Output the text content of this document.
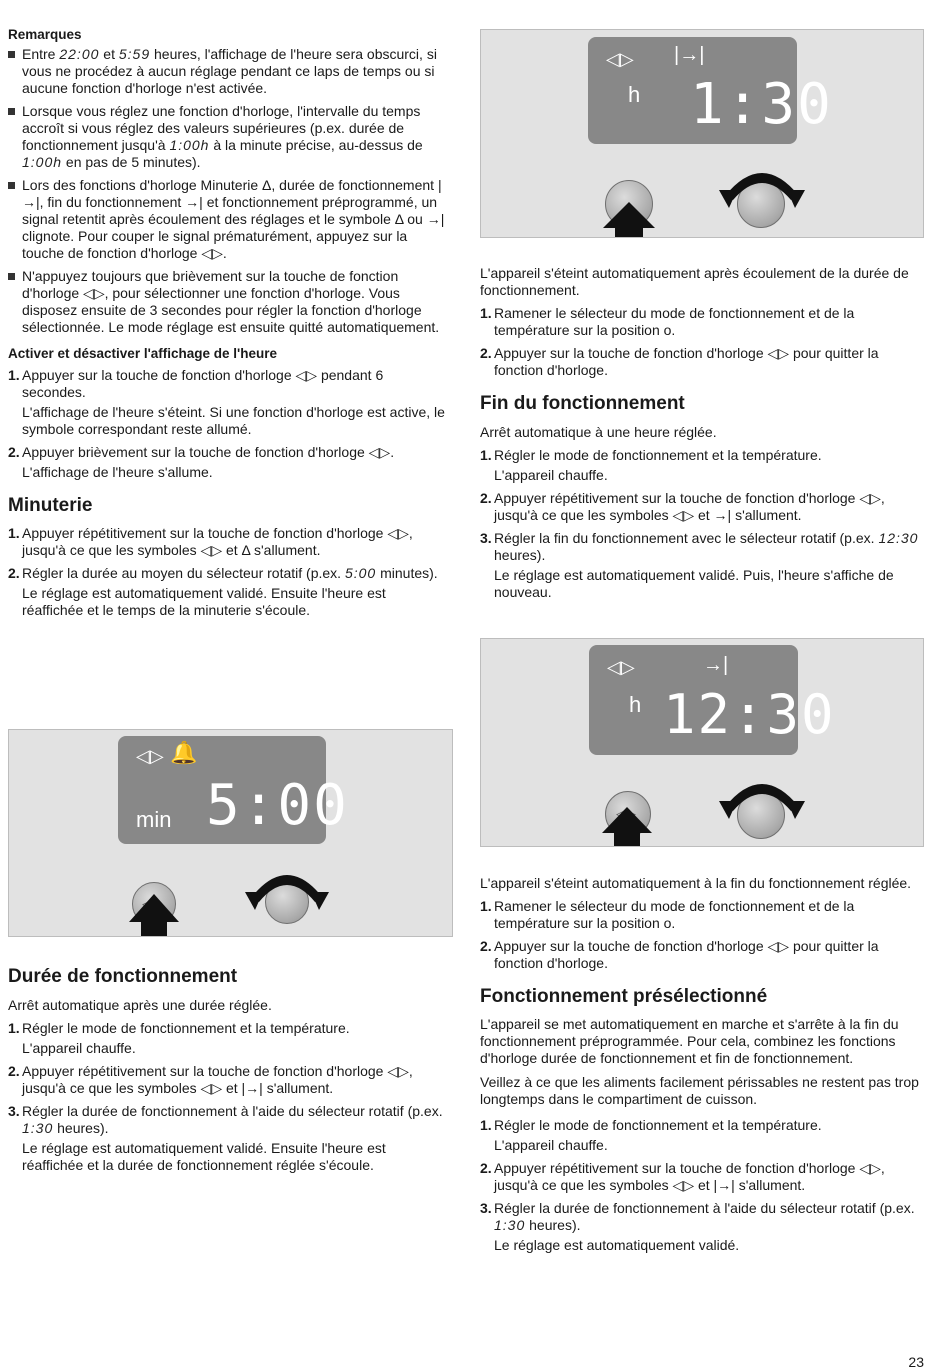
Remarques
Entre 22:00 et 5:59 heures, l'affichage de l'heure sera obscurci, si vous ne procédez à aucun réglage pendant ce laps de temps ou si aucune fonction d'horloge n'est activée.
Lorsque vous réglez une fonction d'horloge, l'intervalle du temps accroît si vous réglez des valeurs supérieures (p.ex. durée de fonctionnement jusqu'à 1:00h à la minute précise, au-dessus de 1:00h en pas de 5 minutes).
Lors des fonctions d'horloge Minuterie Δ, durée de fonctionnement |→|, fin du fonctionnement →| et fonctionnement préprogrammé, un signal retentit après écoulement des réglages et le symbole Δ ou →| clignote. Pour couper le signal prématurément, appuyez sur la touche de fonction d'horloge ◁▷.
N'appuyez toujours que brièvement sur la touche de fonction d'horloge ◁▷, pour sélectionner une fonction d'horloge. Vous disposez ensuite de 3 secondes pour régler la fonction d'horloge sélectionnée. Le mode réglage est ensuite quitté automatiquement.
Activer et désactiver l'affichage de l'heure
1. Appuyer sur la touche de fonction d'horloge ◁▷ pendant 6 secondes.
L'affichage de l'heure s'éteint. Si une fonction d'horloge est active, le symbole correspondant reste allumé.
2. Appuyer brièvement sur la touche de fonction d'horloge ◁▷.
L'affichage de l'heure s'allume.
Minuterie
1. Appuyer répétitivement sur la touche de fonction d'horloge ◁▷, jusqu'à ce que les symboles ◁▷ et Δ s'allument.
2. Régler la durée au moyen du sélecteur rotatif (p.ex. 5:00 minutes).
Le réglage est automatiquement validé. Ensuite l'heure est réaffichée et le temps de la minuterie s'écoule.
◁▷ 🔔
min 5:00
◁▷
Durée de fonctionnement
Arrêt automatique après une durée réglée.
1. Régler le mode de fonctionnement et la température.
L'appareil chauffe.
2. Appuyer répétitivement sur la touche de fonction d'horloge ◁▷, jusqu'à ce que les symboles ◁▷ et |→| s'allument.
3. Régler la durée de fonctionnement à l'aide du sélecteur rotatif (p.ex. 1:30 heures).
Le réglage est automatiquement validé. Ensuite l'heure est réaffichée et la durée de fonctionnement réglée s'écoule.
◁▷ |→|
h 1:30
L'appareil s'éteint automatiquement après écoulement de la durée de fonctionnement.
1. Ramener le sélecteur du mode de fonctionnement et de la température sur la position o.
2. Appuyer sur la touche de fonction d'horloge ◁▷ pour quitter la fonction d'horloge.
Fin du fonctionnement
Arrêt automatique à une heure réglée.
1. Régler le mode de fonctionnement et la température.
L'appareil chauffe.
2. Appuyer répétitivement sur la touche de fonction d'horloge ◁▷, jusqu'à ce que les symboles ◁▷ et →| s'allument.
3. Régler la fin du fonctionnement avec le sélecteur rotatif (p.ex. 12:30 heures).
Le réglage est automatiquement validé. Puis, l'heure s'affiche de nouveau.
◁▷	→|
h 12:30
◁▷
L'appareil s'éteint automatiquement à la fin du fonctionnement réglée.
1. Ramener le sélecteur du mode de fonctionnement et de la température sur la position o.
2. Appuyer sur la touche de fonction d'horloge ◁▷ pour quitter la fonction d'horloge.
Fonctionnement présélectionné
L'appareil se met automatiquement en marche et s'arrête à la fin du fonctionnement préprogrammée. Pour cela, combinez les fonctions d'horloge durée de fonctionnement et fin de fonctionnement.
Veillez à ce que les aliments facilement périssables ne restent pas trop longtemps dans le compartiment de cuisson.
1. Régler le mode de fonctionnement et la température.
L'appareil chauffe.
2. Appuyer répétitivement sur la touche de fonction d'horloge ◁▷, jusqu'à ce que les symboles ◁▷ et |→| s'allument.
3. Régler la durée de fonctionnement à l'aide du sélecteur rotatif (p.ex. 1:30 heures).
Le réglage est automatiquement validé.
23
